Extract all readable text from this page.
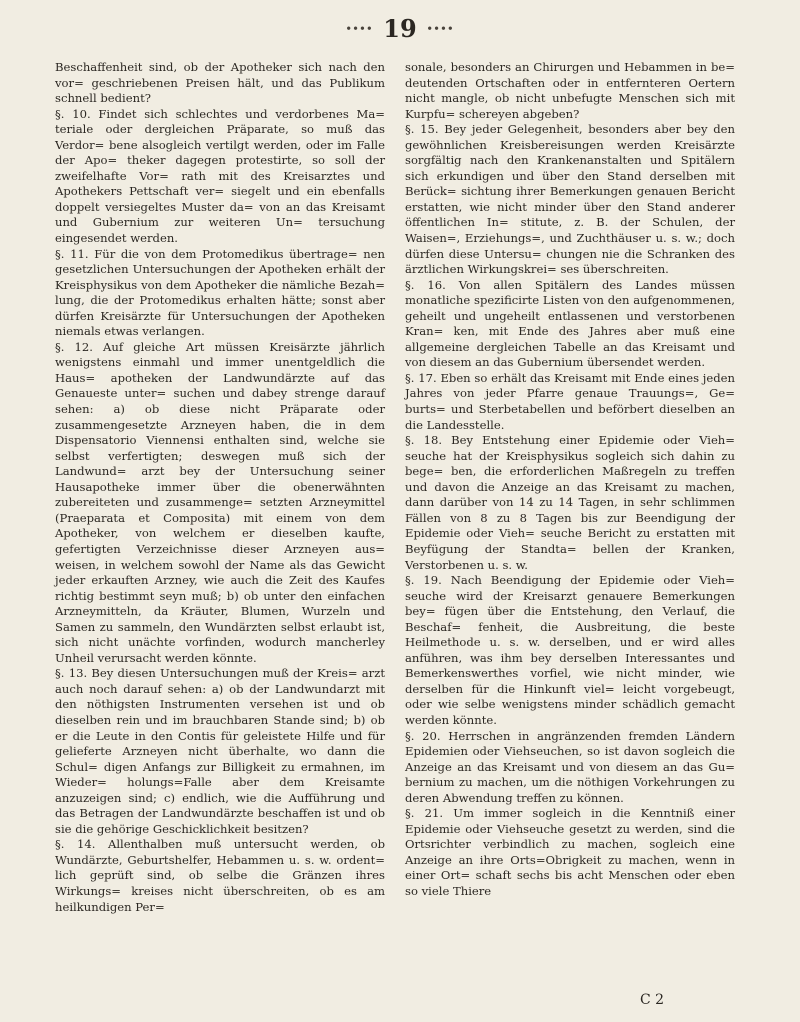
∙∙∙∙ 19 ∙∙∙∙

Beschaffenheit sind, ob der Apotheker sich nach den vor= geschriebenen Preisen hält, und das Publikum schnell bedient?

§. 10. Findet sich schlechtes und verdorbenes Ma= teriale oder dergleichen Präparate, so muß das Verdor= bene alsogleich vertilgt werden, oder im Falle der Apo= theker dagegen protestirte, so soll der zweifelhafte Vor= rath mit des Kreisarztes und Apothekers Pettschaft ver= siegelt und ein ebenfalls doppelt versiegeltes Muster da= von an das Kreisamt und Gubernium zur weiteren Un= tersuchung eingesendet werden.

§. 11. Für die von dem Protomedikus übertrage= nen gesetzlichen Untersuchungen der Apotheken erhält der Kreisphysikus von dem Apotheker die nämliche Bezah= lung, die der Protomedikus erhalten hätte; sonst aber dürfen Kreisärzte für Untersuchungen der Apotheken niemals etwas verlangen.

§. 12. Auf gleiche Art müssen Kreisärzte jährlich wenigstens einmahl und immer unentgeldlich die Haus= apotheken der Landwundärzte auf das Genaueste unter= suchen und dabey strenge darauf sehen: a) ob diese nicht Präparate oder zusammengesetzte Arzneyen haben, die in dem Dispensatorio Viennensi enthalten sind, welche sie selbst verfertigten; deswegen muß sich der Landwund= arzt bey der Untersuchung seiner Hausapotheke immer über die obenerwähnten zubereiteten und zusammenge= setzten Arzneymittel (Praeparata et Composita) mit einem von dem Apotheker, von welchem er dieselben kaufte, gefertigten Verzeichnisse dieser Arzneyen aus= weisen, in welchem sowohl der Name als das Gewicht jeder erkauften Arzney, wie auch die Zeit des Kaufes richtig bestimmt seyn muß; b) ob unter den einfachen Arzneymitteln, da Kräuter, Blumen, Wurzeln und Samen zu sammeln, den Wundärzten selbst erlaubt ist, sich nicht unächte vorfinden, wodurch mancherley Unheil verursacht werden könnte.

§. 13. Bey diesen Untersuchungen muß der Kreis= arzt auch noch darauf sehen: a) ob der Landwundarzt mit den nöthigsten Instrumenten versehen ist und ob dieselben rein und im brauchbaren Stande sind; b) ob er die Leute in den Contis für geleistete Hilfe und für gelieferte Arzneyen nicht überhalte, wo dann die Schul= digen Anfangs zur Billigkeit zu ermahnen, im Wieder= holungs=Falle aber dem Kreisamte anzuzeigen sind; c) endlich, wie die Aufführung und das Betragen der Landwundärzte beschaffen ist und ob sie die gehörige Geschicklichkeit besitzen?

§. 14. Allenthalben muß untersucht werden, ob Wundärzte, Geburtshelfer, Hebammen u. s. w. ordent= lich geprüft sind, ob selbe die Gränzen ihres Wirkungs= kreises nicht überschreiten, ob es am heilkundigen Per=

sonale, besonders an Chirurgen und Hebammen in be= deutenden Ortschaften oder in entfernteren Oertern nicht mangle, ob nicht unbefugte Menschen sich mit Kurpfu= schereyen abgeben?

§. 15. Bey jeder Gelegenheit, besonders aber bey den gewöhnlichen Kreisbereisungen werden Kreisärzte sorgfältig nach den Krankenanstalten und Spitälern sich erkundigen und über den Stand derselben mit Berück= sichtung ihrer Bemerkungen genauen Bericht erstatten, wie nicht minder über den Stand anderer öffentlichen In= stitute, z. B. der Schulen, der Waisen=, Erziehungs=, und Zuchthäuser u. s. w.; doch dürfen diese Untersu= chungen nie die Schranken des ärztlichen Wirkungskrei= ses überschreiten.

§. 16. Von allen Spitälern des Landes müssen monatliche spezificirte Listen von den aufgenommenen, geheilt und ungeheilt entlassenen und verstorbenen Kran= ken, mit Ende des Jahres aber muß eine allgemeine dergleichen Tabelle an das Kreisamt und von diesem an das Gubernium übersendet werden.

§. 17. Eben so erhält das Kreisamt mit Ende eines jeden Jahres von jeder Pfarre genaue Trauungs=, Ge= burts= und Sterbetabellen und beförbert dieselben an die Landesstelle.

§. 18. Bey Entstehung einer Epidemie oder Vieh= seuche hat der Kreisphysikus sogleich sich dahin zu bege= ben, die erforderlichen Maßregeln zu treffen und davon die Anzeige an das Kreisamt zu machen, dann darüber von 14 zu 14 Tagen, in sehr schlimmen Fällen von 8 zu 8 Tagen bis zur Beendigung der Epidemie oder Vieh= seuche Bericht zu erstatten mit Beyfügung der Standta= bellen der Kranken, Verstorbenen u. s. w.

§. 19. Nach Beendigung der Epidemie oder Vieh= seuche wird der Kreisarzt genauere Bemerkungen bey= fügen über die Entstehung, den Verlauf, die Beschaf= fenheit, die Ausbreitung, die beste Heilmethode u. s. w. derselben, und er wird alles anführen, was ihm bey derselben Interessantes und Bemerkenswerthes vorfiel, wie nicht minder, wie derselben für die Hinkunft viel= leicht vorgebeugt, oder wie selbe wenigstens minder schädlich gemacht werden könnte.

§. 20. Herrschen in angränzenden fremden Ländern Epidemien oder Viehseuchen, so ist davon sogleich die Anzeige an das Kreisamt und von diesem an das Gu= bernium zu machen, um die nöthigen Vorkehrungen zu deren Abwendung treffen zu können.

§. 21. Um immer sogleich in die Kenntniß einer Epidemie oder Viehseuche gesetzt zu werden, sind die Ortsrichter verbindlich zu machen, sogleich eine Anzeige an ihre Orts=Obrigkeit zu machen, wenn in einer Ort= schaft sechs bis acht Menschen oder eben so viele Thiere

C 2
